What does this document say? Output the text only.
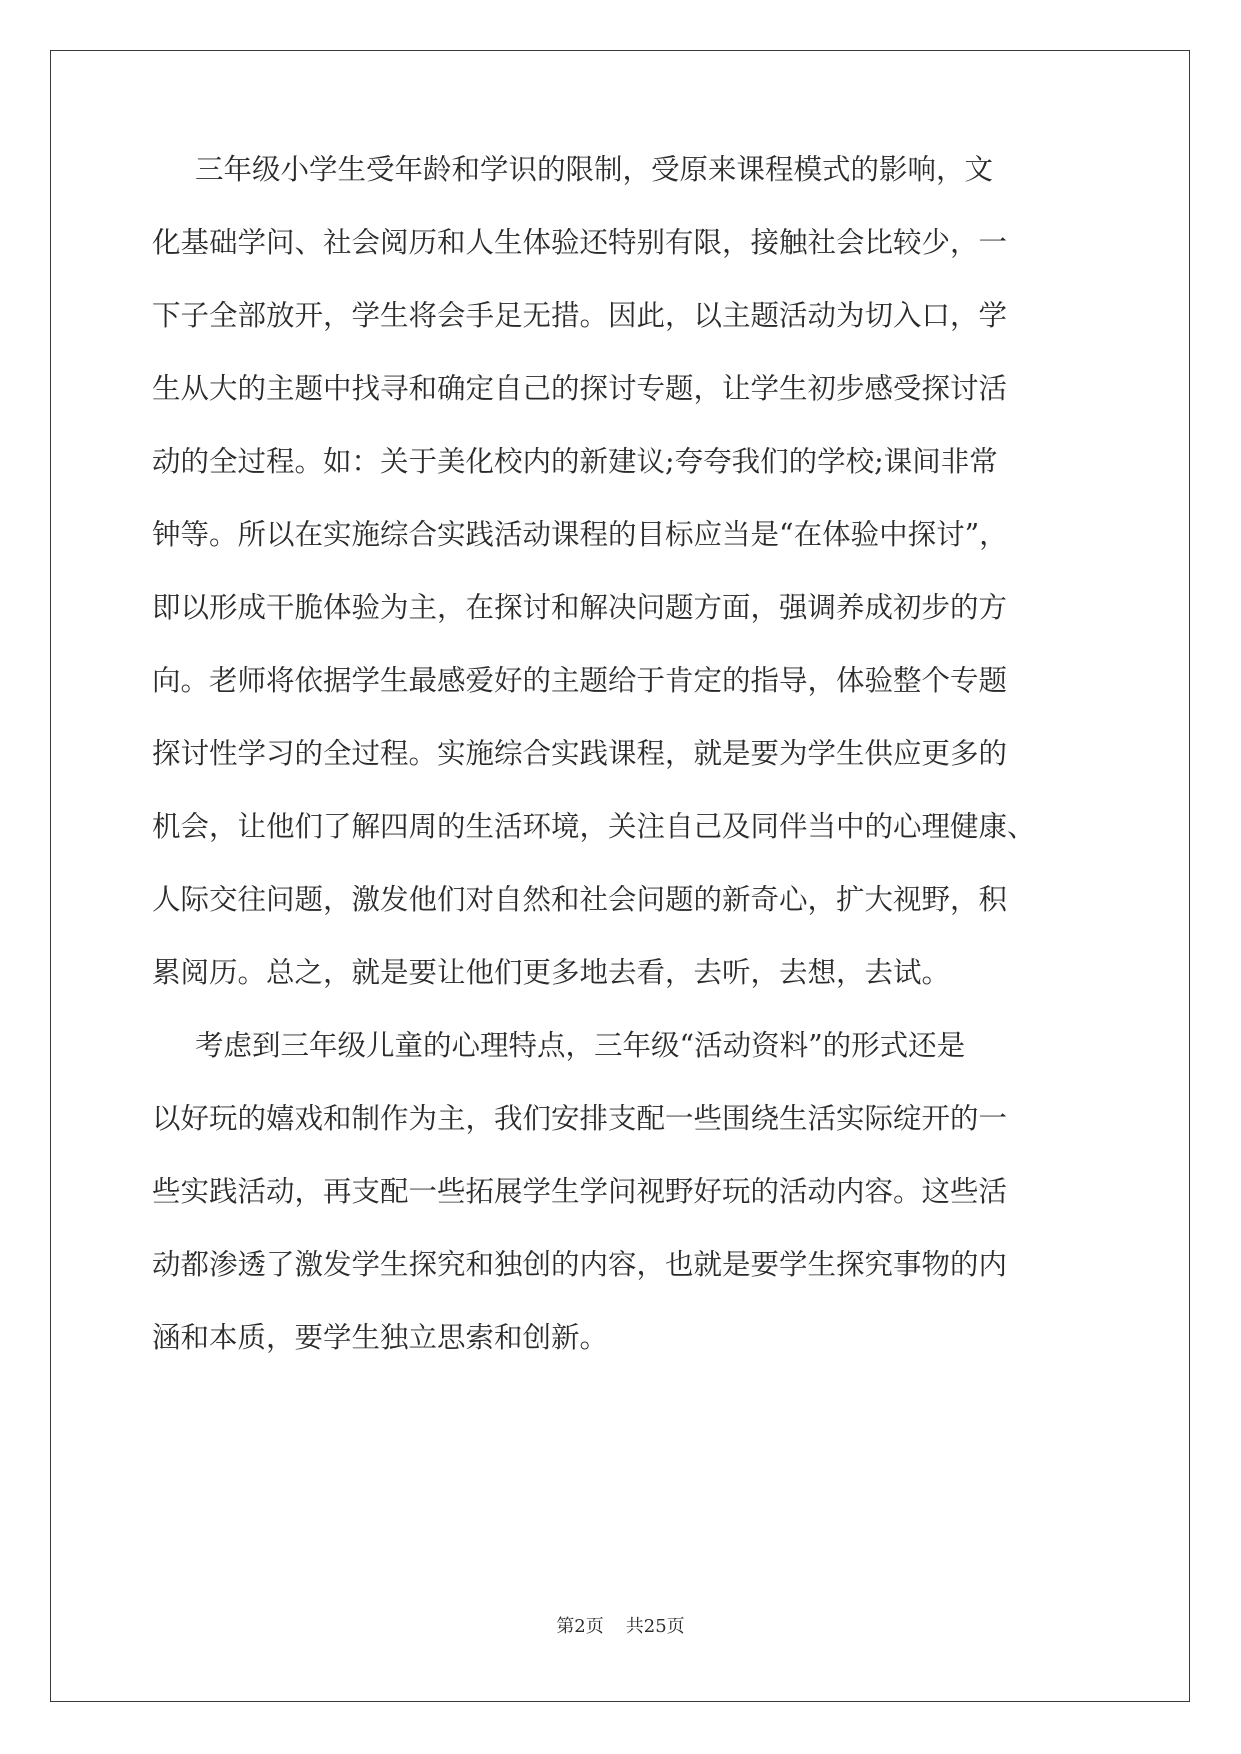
三年级小学生受年龄和学识的限制，受原来课程模式的影响，文
化基础学问、社会阅历和人生体验还特别有限，接触社会比较少，一
下子全部放开，学生将会手足无措。因此，以主题活动为切入口，学
生从大的主题中找寻和确定自己的探讨专题，让学生初步感受探讨活
动的全过程。如：关于美化校内的新建议;夸夸我们的学校;课间非常
钟等。所以在实施综合实践活动课程的目标应当是“在体验中探讨”，
即以形成干脆体验为主，在探讨和解决问题方面，强调养成初步的方
向。老师将依据学生最感爱好的主题给于肯定的指导，体验整个专题
探讨性学习的全过程。实施综合实践课程，就是要为学生供应更多的
机会，让他们了解四周的生活环境，关注自己及同伴当中的心理健康、
人际交往问题，激发他们对自然和社会问题的新奇心，扩大视野，积
累阅历。总之，就是要让他们更多地去看，去听，去想，去试。
考虑到三年级儿童的心理特点，三年级“活动资料”的形式还是
以好玩的嬉戏和制作为主，我们安排支配一些围绕生活实际绽开的一
些实践活动，再支配一些拓展学生学问视野好玩的活动内容。这些活
动都渗透了激发学生探究和独创的内容，也就是要学生探究事物的内
涵和本质，要学生独立思索和创新。
第2页 共25页
